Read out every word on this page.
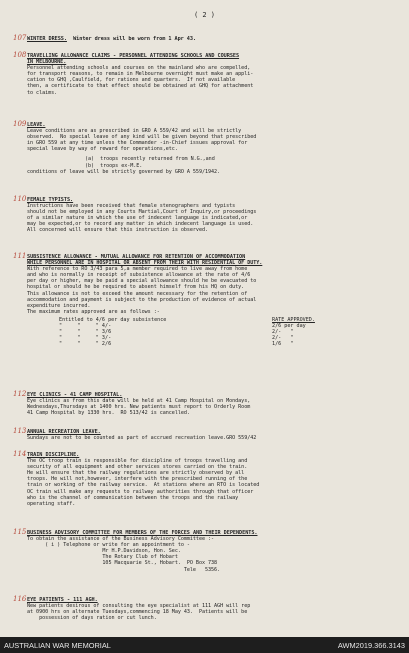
( 2 )
107 WINTER DRESS.  Winter dress will be worn from 1 Apr 43.
108 TRAVELLING ALLOWANCE CLAIMS - PERSONNEL ATTENDING SCHOOLS AND COURSES
IN MELBOURNE.
Personnel attending schools and courses on the mainland who are compelled,
for transport reasons, to remain in Melbourne overnight must make an appli-
cation to GHQ ,Caulfield, for rations and quarters.  If not available
then, a certificate to that effect should be obtained at GHQ for attachment
to claims.
109 LEAVE.
Leave conditions are as prescribed in GRO A 559/42 and will be strictly
observed.  No special leave of any kind will be given beyond that prescribed
in GRO 559 at any time unless the Commander -in-Chief issues approval for
special leave by way of reward for operations,etc.
(a)  troops recently returned from N.G.,and
(b)  troops ex-M.E.
conditions of leave will be strictly governed by GRO A 559/1942.
110 FEMALE TYPISTS.
Instructions have been received that female stenographers and typists
should not be employed in any Courts Martial,Court of Inquiry,or proceedings
of a similar nature in which the use of indecent language is indicated,or
may be expected,or to record any matter in which indecent language is used.
All concerned will ensure that this instruction is observed.
111 SUBSISTENCE ALLOWANCE - MUTUAL ALLOWANCE FOR RETENTION OF ACCOMMODATION
WHILE PERSONNEL ARE IN HOSPITAL OR ABSENT FROM THEIR WITH RESIDENTIAL OF DUTY.
With reference to RO 3/43 para 5,a member required to live away from home
and who is normally in receipt of subsistence allowance at the rate of 4/6
per day or higher, may be paid a special allowance should he be evacuated to
hospital or should he be required to absent himself from his HQ on duty.
This allowance is not to exceed the amount necessary for the retention of
accommodation and payment is subject to the production of evidence of actual
expenditure incurred.
The maximum rates approved are as follows :-
Entitled to 4/6 per day subsistence
"     "     " 4/-
"     "     " 3/6
"     "     " 3/-
"     "     " 2/6
RATE APPROVED.
2/6 per day
2/-   "
2/-   "
1/6   "
112 EYE CLINICS - 41 CAMP HOSPITAL.
Eye clinics as from this date will be held at 41 Camp Hospital on Mondays,
Wednesdays,Thursdays at 1400 hrs. New patients must report to Orderly Room
41 Camp Hospital by 1330 hrs.  RO 513/42 is cancelled.
113 ANNUAL RECREATION LEAVE.
Sundays are not to be counted as part of accrued recreation leave.GRO 559/42
114 TRAIN DISCIPLINE.
The OC troop train is responsible for discipline of troops travelling and
security of all equipment and other services stores carried on the train.
He will ensure that the railway regulations are strictly observed by all
troops. He will not,however, interfere with the prescribed running of the
train or working of the railway service.  At stations where an RTO is located
OC train will make any requests to railway authorities through that officer
who is the channel of communication between the troops and the railway
operating staff.
115 BUSINESS ADVISORY COMMITTEE FOR MEMBERS OF THE FORCES AND THEIR DEPENDENTS.
To obtain the assistance of the Business Advisory Committee :-
( i ) Telephone or write for an appointment to -
Mr H.P.Davidson, Hon. Sec.
The Rotary Club of Hobart
105 Macquarie St., Hobart.  PO Box 738
Tele   5356.
116 EYE PATIENTS - 111 AGH.
New patients desirous of consulting the eye specialist at 111 AGH will rep
at 0900 hrs on alternate Tuesdays,commencing 18 May 43.  Patients will be
possession of days ration or cut lunch.
AUSTRALIAN WAR MEMORIAL	AWM2019.366.3143
